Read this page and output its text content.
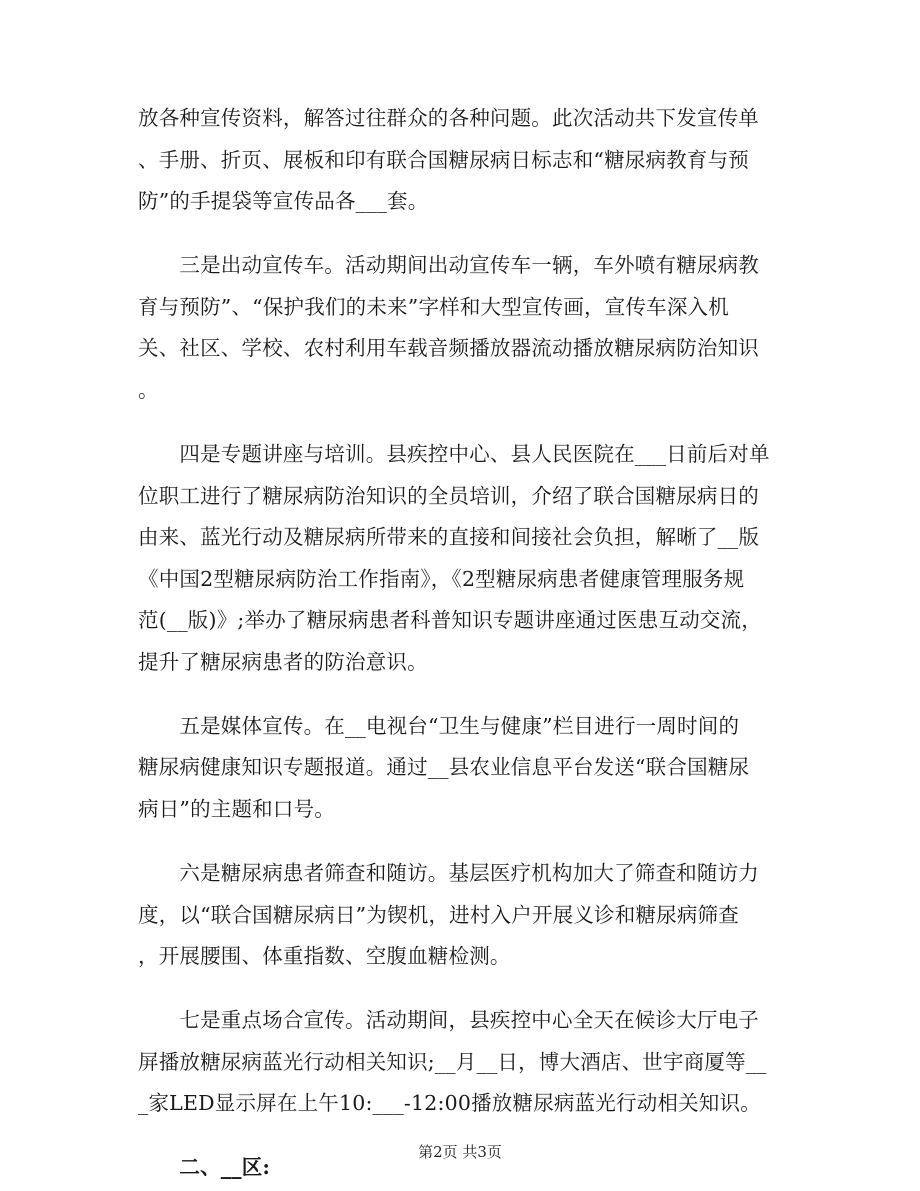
放各种宣传资料，解答过往群众的各种问题。此次活动共下发宣传单
、手册、折页、展板和印有联合国糖尿病日标志和“糖尿病教育与预
防”的手提袋等宣传品各___套。

　　三是出动宣传车。活动期间出动宣传车一辆，车外喷有糖尿病教
育与预防”、“保护我们的未来”字样和大型宣传画，宣传车深入机
关、社区、学校、农村利用车载音频播放器流动播放糖尿病防治知识
。

　　四是专题讲座与培训。县疾控中心、县人民医院在___日前后对单
位职工进行了糖尿病防治知识的全员培训，介绍了联合国糖尿病日的
由来、蓝光行动及糖尿病所带来的直接和间接社会负担，解晰了__版
《中国2型糖尿病防治工作指南》，《2型糖尿病患者健康管理服务规
范(__版)》;举办了糖尿病患者科普知识专题讲座通过医患互动交流，
提升了糖尿病患者的防治意识。

　　五是媒体宣传。在__电视台“卫生与健康”栏目进行一周时间的
糖尿病健康知识专题报道。通过__县农业信息平台发送“联合国糖尿
病日”的主题和口号。

　　六是糖尿病患者筛查和随访。基层医疗机构加大了筛查和随访力
度，以“联合国糖尿病日”为锲机，进村入户开展义诊和糖尿病筛查
，开展腰围、体重指数、空腹血糖检测。

　　七是重点场合宣传。活动期间，县疾控中心全天在候诊大厅电子
屏播放糖尿病蓝光行动相关知识;__月__日，博大酒店、世宇商厦等__
_家LED显示屏在上午10:___-12:00播放糖尿病蓝光行动相关知识。

　　二、__区:

第2页 共3页
